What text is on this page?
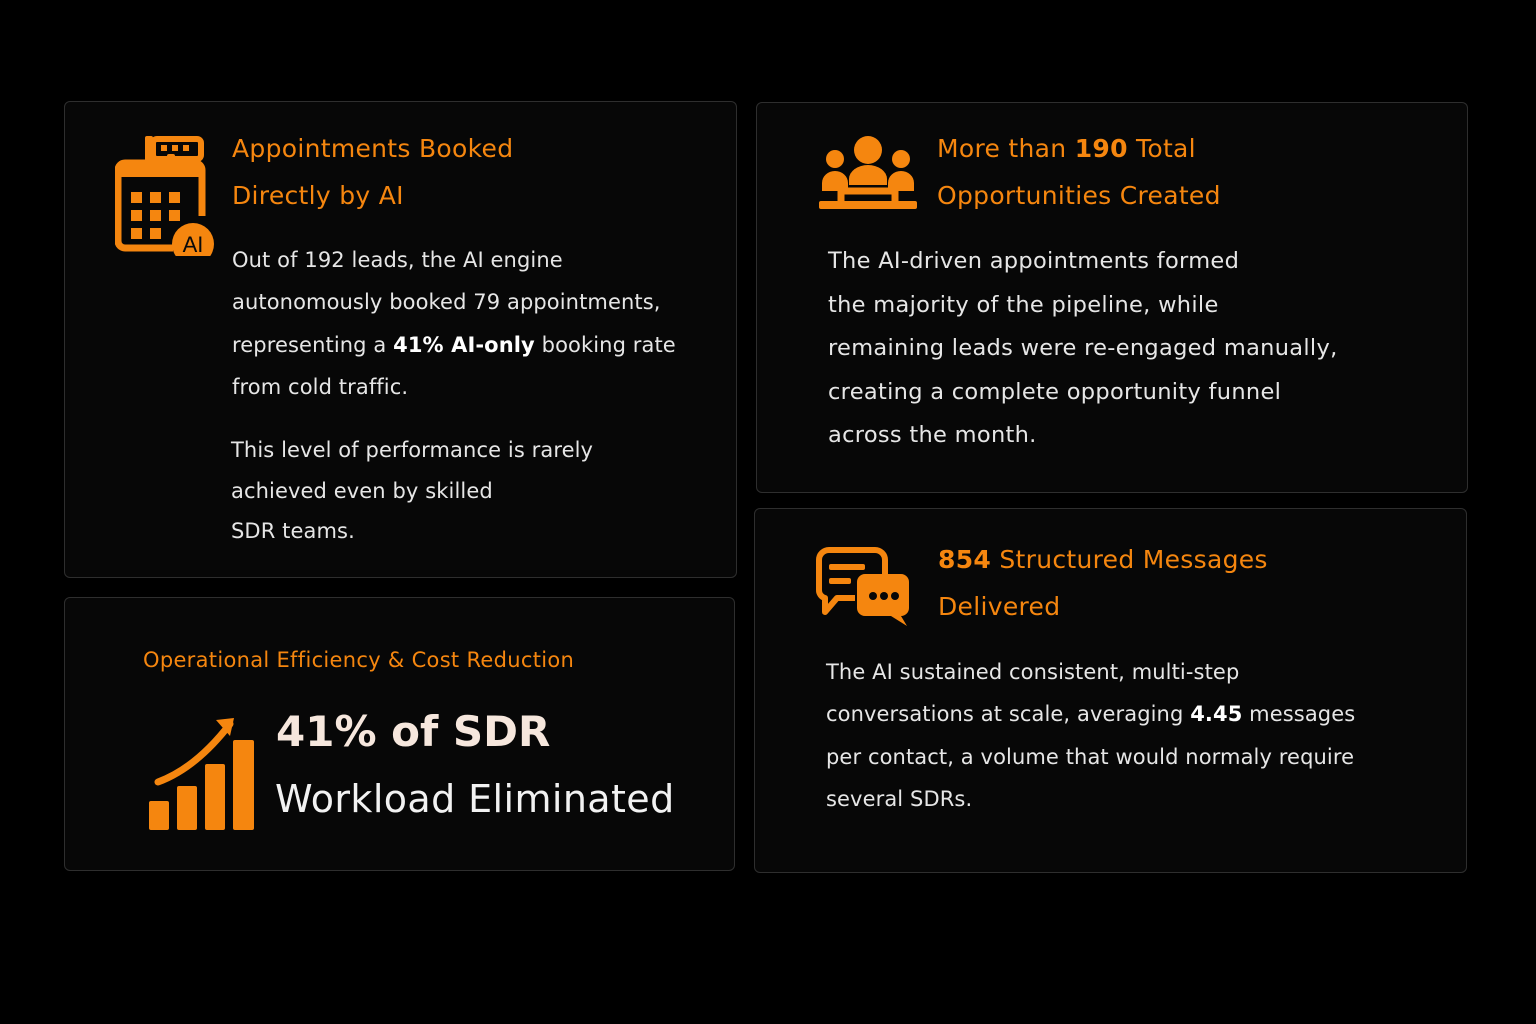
AI
Appointments Booked
Directly by AI

Out of 192 leads, the AI engine
autonomously booked 79 appointments,
representing a 41% AI-only booking rate
from cold traffic.

This level of performance is rarely
achieved even by skilled
SDR teams.

More than 190 Total
Opportunities Created

The AI-driven appointments formed
the majority of the pipeline, while
remaining leads were re-engaged manually,
creating a complete opportunity funnel
across the month.

Operational Efficiency & Cost Reduction

41% of SDR

Workload Eliminated

854 Structured Messages
Delivered

The AI sustained consistent, multi-step
conversations at scale, averaging 4.45 messages
per contact, a volume that would normaly require
several SDRs.
